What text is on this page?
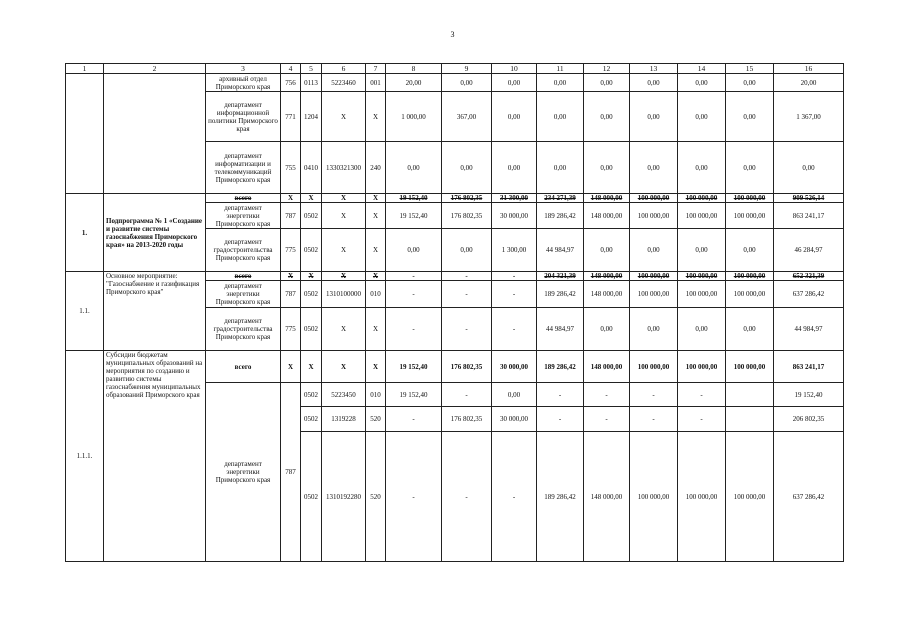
3
1	2	3	4	5	6	7	8	9	10	11	12	13	14	15	16
		архивный отдел Приморского края	756	0113	5223460	001	20,00	0,00	0,00	0,00	0,00	0,00	0,00	0,00	20,00
		департамент информационной политики Приморского края	771	1204	X	X	1 000,00	367,00	0,00	0,00	0,00	0,00	0,00	0,00	1 367,00
		департамент информатизации и телекоммуникаций Приморского края	755	0410	1330321300	240	0,00	0,00	0,00	0,00	0,00	0,00	0,00	0,00	0,00
1.	Подпрограмма № 1 «Создание и развитие системы газоснабжения Приморского края» на 2013-2020 годы	всего	X	X	X	X	19 152,40	176 802,35	31 300,00	234 271,39	148 000,00	100 000,00	100 000,00	100 000,00	909 526,14
		департамент энергетики Приморского края	787	0502	X	X	19 152,40	176 802,35	30 000,00	189 286,42	148 000,00	100 000,00	100 000,00	100 000,00	863 241,17
		департамент градостроительства Приморского края	775	0502	X	X	0,00	0,00	1 300,00	44 984,97	0,00	0,00	0,00	0,00	46 284,97
1.1.	Основное мероприятие: "Газоснабжение и газификация Приморского края"	всего	X	X	X	X	-	-	-	204 321,39	148 000,00	100 000,00	100 000,00	100 000,00	652 321,39
		департамент энергетики Приморского края	787	0502	1310100000	010	-	-	-	189 286,42	148 000,00	100 000,00	100 000,00	100 000,00	637 286,42
		департамент градостроительства Приморского края	775	0502	X	X	-	-	-	44 984,97	0,00	0,00	0,00	0,00	44 984,97
1.1.1.	Субсидии бюджетам муниципальных образований на мероприятия по созданию и развитию системы газоснабжения муниципальных образований Приморского края	всего	X	X	X	X	19 152,40	176 802,35	30 000,00	189 286,42	148 000,00	100 000,00	100 000,00	100 000,00	863 241,17
		департамент энергетики Приморского края	787	0502	5223450	010	19 152,40	-	0,00	-	-	-	-		19 152,40
				0502	1319228	520	-	176 802,35	30 000,00	-	-	-	-		206 802,35
				0502	1310192280	520	-	-	-	189 286,42	148 000,00	100 000,00	100 000,00	100 000,00	637 286,42
